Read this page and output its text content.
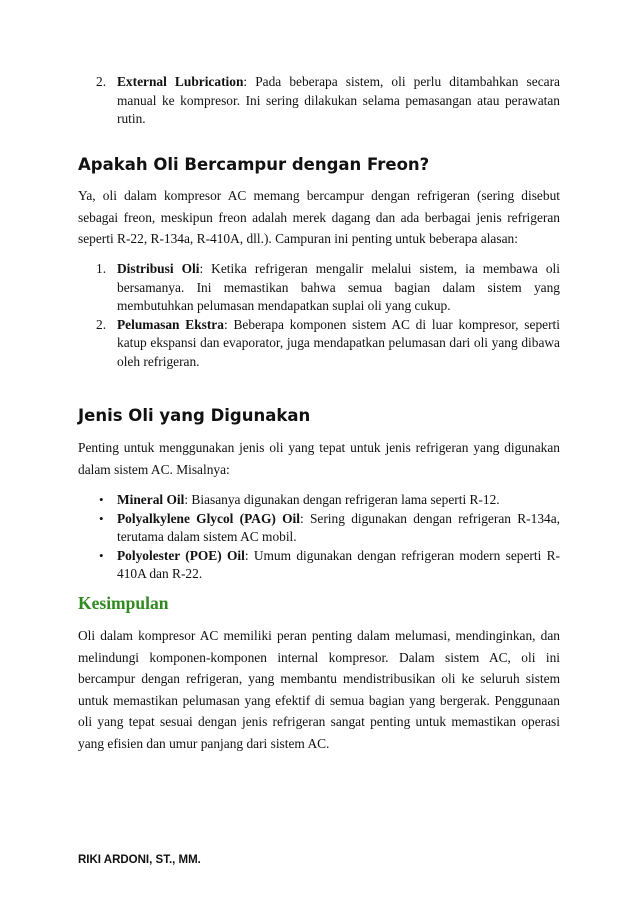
2. External Lubrication: Pada beberapa sistem, oli perlu ditambahkan secara manual ke kompresor. Ini sering dilakukan selama pemasangan atau perawatan rutin.
Apakah Oli Bercampur dengan Freon?

Ya, oli dalam kompresor AC memang bercampur dengan refrigeran (sering disebut sebagai freon, meskipun freon adalah merek dagang dan ada berbagai jenis refrigeran seperti R-22, R-134a, R-410A, dll.). Campuran ini penting untuk beberapa alasan:

1. Distribusi Oli: Ketika refrigeran mengalir melalui sistem, ia membawa oli bersamanya. Ini memastikan bahwa semua bagian dalam sistem yang membutuhkan pelumasan mendapatkan suplai oli yang cukup.
2. Pelumasan Ekstra: Beberapa komponen sistem AC di luar kompresor, seperti katup ekspansi dan evaporator, juga mendapatkan pelumasan dari oli yang dibawa oleh refrigeran.
Jenis Oli yang Digunakan

Penting untuk menggunakan jenis oli yang tepat untuk jenis refrigeran yang digunakan dalam sistem AC. Misalnya:

• Mineral Oil: Biasanya digunakan dengan refrigeran lama seperti R-12.
• Polyalkylene Glycol (PAG) Oil: Sering digunakan dengan refrigeran R-134a, terutama dalam sistem AC mobil.
• Polyolester (POE) Oil: Umum digunakan dengan refrigeran modern seperti R-410A dan R-22.
Kesimpulan

Oli dalam kompresor AC memiliki peran penting dalam melumasi, mendinginkan, dan melindungi komponen-komponen internal kompresor. Dalam sistem AC, oli ini bercampur dengan refrigeran, yang membantu mendistribusikan oli ke seluruh sistem untuk memastikan pelumasan yang efektif di semua bagian yang bergerak. Penggunaan oli yang tepat sesuai dengan jenis refrigeran sangat penting untuk memastikan operasi yang efisien dan umur panjang dari sistem AC.

RIKI ARDONI, ST., MM.
